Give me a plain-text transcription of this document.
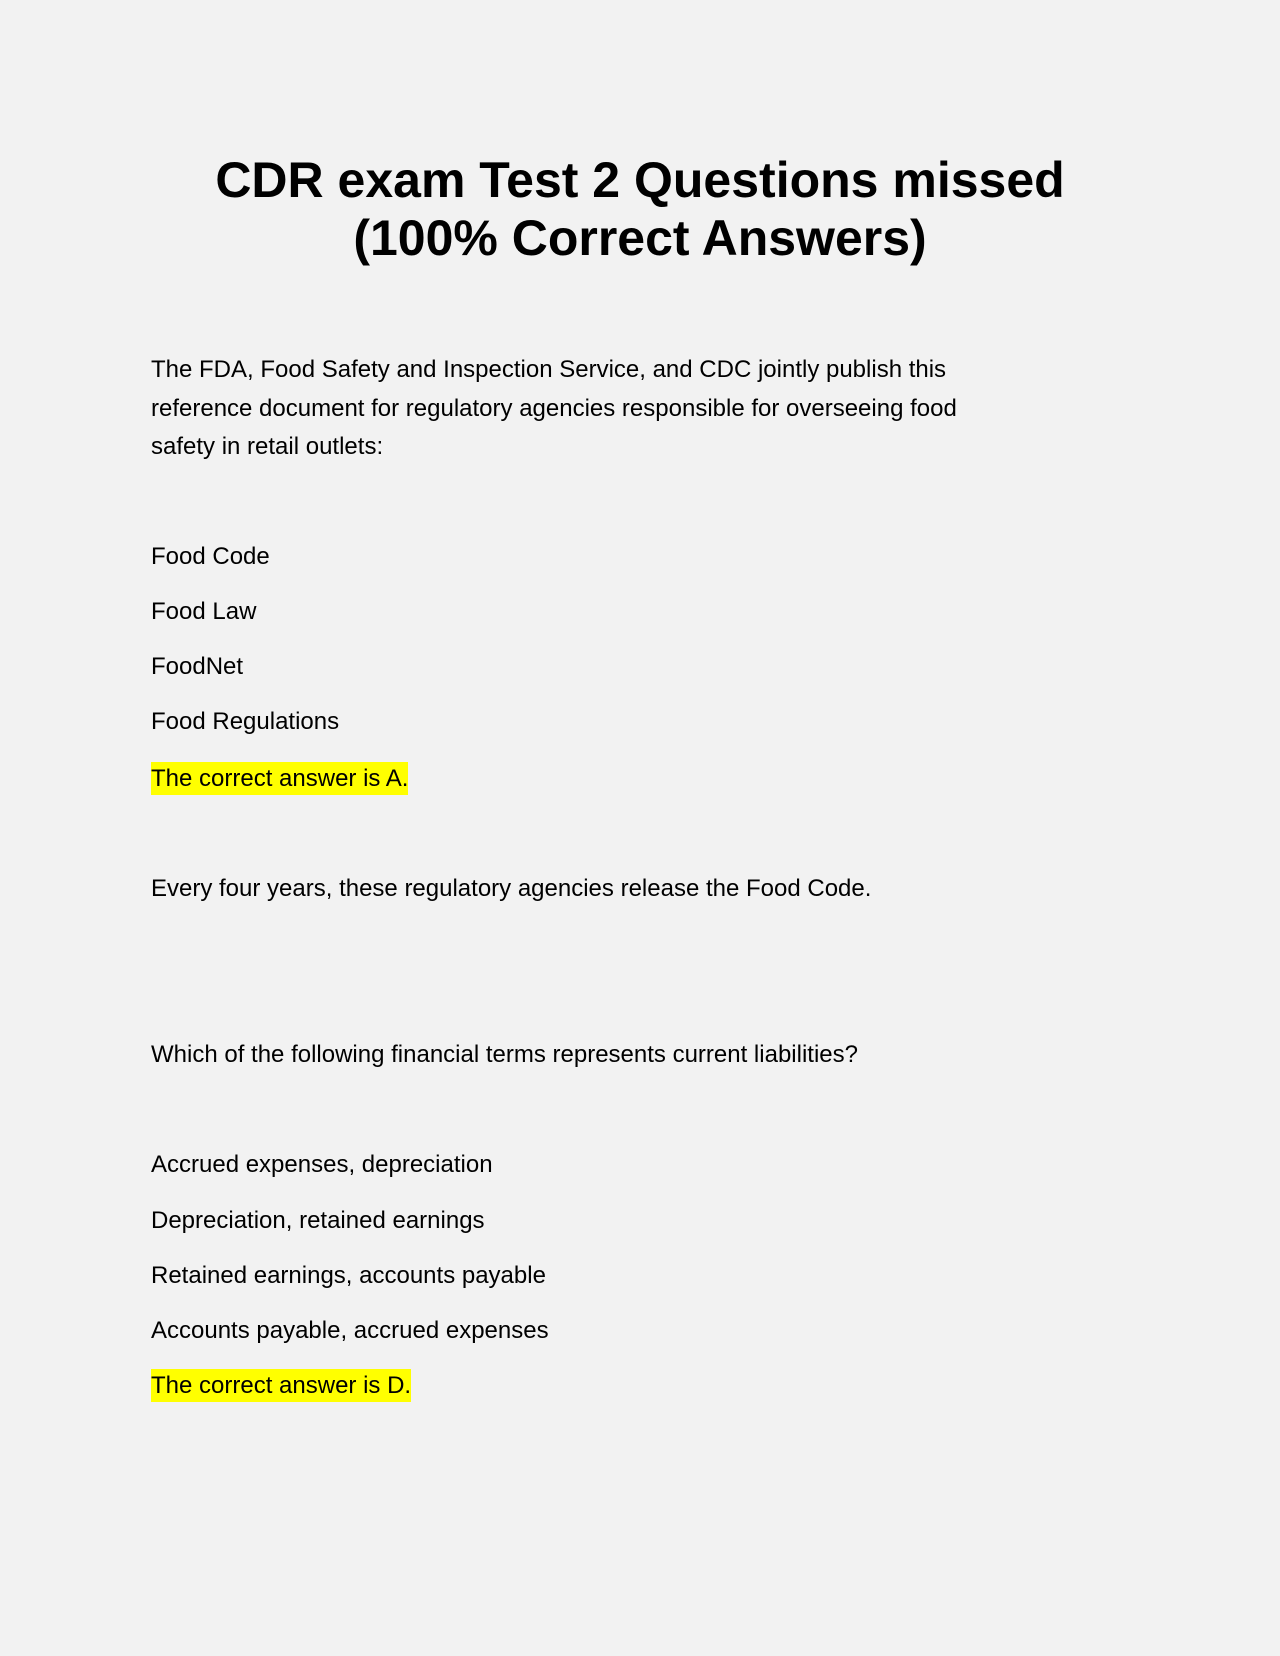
CDR exam Test 2 Questions missed
(100% Correct Answers)
The FDA, Food Safety and Inspection Service, and CDC jointly publish this
reference document for regulatory agencies responsible for overseeing food
safety in retail outlets:
Food Code
Food Law
FoodNet
Food Regulations
The correct answer is A.
Every four years, these regulatory agencies release the Food Code.
Which of the following financial terms represents current liabilities?
Accrued expenses, depreciation
Depreciation, retained earnings
Retained earnings, accounts payable
Accounts payable, accrued expenses
The correct answer is D.
